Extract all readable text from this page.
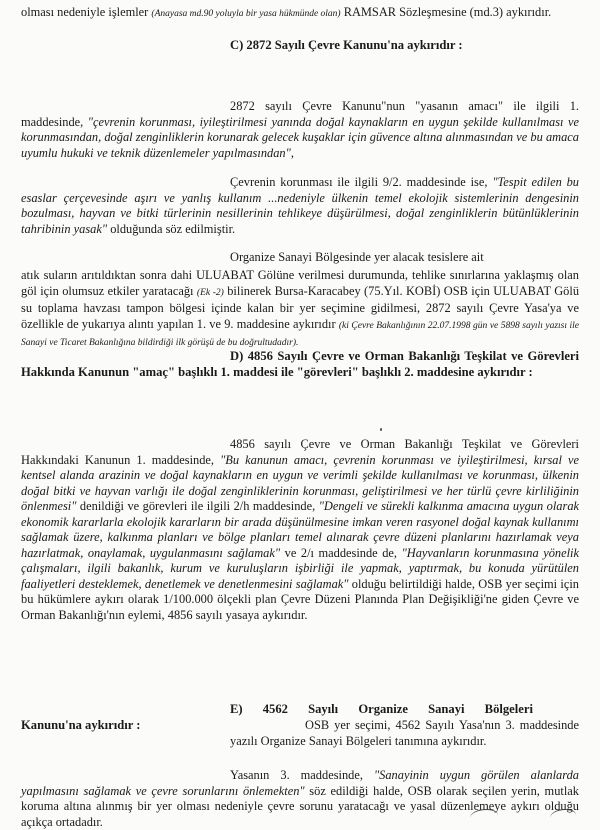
olması nedeniyle işlemler (Anayasa md.90 yoluyla bir yasa hükmünde olan) RAMSAR Sözleşmesine (md.3) aykırıdır.

C) 2872 Sayılı Çevre Kanunu'na aykırıdır :

2872 sayılı Çevre Kanunu"nun "yasanın amacı" ile ilgili 1. maddesinde, "çevrenin korunması, iyileştirilmesi yanında doğal kaynakların en uygun şekilde kullanılması ve korunmasından, doğal zenginliklerin korunarak gelecek kuşaklar için güvence altına alınmasından ve bu amaca uyumlu hukuki ve teknik düzenlemeler yapılmasından",

Çevrenin korunması ile ilgili 9/2. maddesinde ise, "Tespit edilen bu esaslar çerçevesinde aşırı ve yanlış kullanım ...nedeniyle ülkenin temel ekolojik sistemlerinin dengesinin bozulması, hayvan ve bitki türlerinin nesillerinin tehlikeye düşürülmesi, doğal zenginliklerin bütünlüklerinin tahribinin yasak" olduğunda söz edilmiştir.

Organize Sanayi Bölgesinde yer alacak tesislere ait

atık suların arıtıldıktan sonra dahi ULUABAT Gölüne verilmesi durumunda, tehlike sınırlarına yaklaşmış olan göl için olumsuz etkiler yaratacağı (Ek -2) bilinerek Bursa-Karacabey (75.Yıl. KOBİ) OSB için ULUABAT Gölü su toplama havzası tampon bölgesi içinde kalan bir yer seçimine gidilmesi, 2872 sayılı Çevre Yasa'ya ve özellikle de yukarıya alıntı yapılan 1. ve 9. maddesine aykırıdır (ki Çevre Bakanlığının 22.07.1998 gün ve 5898 sayılı yazısı ile Sanayi ve Ticaret Bakanlığına bildirdiği ilk görüşü de bu doğrultudadır).

D) 4856 Sayılı Çevre ve Orman Bakanlığı Teşkilat ve Görevleri Hakkında Kanunun "amaç" başlıklı 1. maddesi ile "görevleri" başlıklı 2. maddesine aykırıdır :

4856 sayılı Çevre ve Orman Bakanlığı Teşkilat ve Görevleri Hakkındaki Kanunun 1. maddesinde, "Bu kanunun amacı, çevrenin korunması ve iyileştirilmesi, kırsal ve kentsel alanda arazinin ve doğal kaynakların en uygun ve verimli şekilde kullanılması ve korunması, ülkenin doğal bitki ve hayvan varlığı ile doğal zenginliklerinin korunması, geliştirilmesi ve her türlü çevre kirliliğinin önlenmesi" denildiği ve görevleri ile ilgili 2/h maddesinde, "Dengeli ve sürekli kalkınma amacına uygun olarak ekonomik kararlarla ekolojik kararların bir arada düşünülmesine imkan veren rasyonel doğal kaynak kullanımı sağlamak üzere, kalkınma planları ve bölge planları temel alınarak çevre düzeni planlarını hazırlamak veya hazırlatmak, onaylamak, uygulanmasını sağlamak" ve 2/ı maddesinde de, "Hayvanların korunmasına yönelik çalışmaları, ilgili bakanlık, kurum ve kuruluşların işbirliği ile yapmak, yaptırmak, bu konuda yürütülen faaliyetleri desteklemek, denetlemek ve denetlenmesini sağlamak" olduğu belirtildiği halde, OSB yer seçimi için bu hükümlere aykırı olarak 1/100.000 ölçekli plan Çevre Düzeni Planında Plan Değişikliği'ne giden Çevre ve Orman Bakanlığı'nın eylemi, 4856 sayılı yasaya aykırıdır.

E) 4562 Sayılı Organize Sanayi Bölgeleri

Kanunu'na aykırıdır :	OSB yer seçimi, 4562 Sayılı Yasa'nın 3. maddesinde yazılı Organize Sanayi Bölgeleri tanımına aykırıdır.

Yasanın 3. maddesinde, "Sanayinin uygun görülen alanlarda yapılmasını sağlamak ve çevre sorunlarını önlemekten" söz edildiği halde, OSB olarak seçilen yerin, mutlak koruma altına alınmış bir yer olması nedeniyle çevre sorunu yaratacağı ve yasal düzenlemeye aykırı olduğu açıkça ortadadır.
